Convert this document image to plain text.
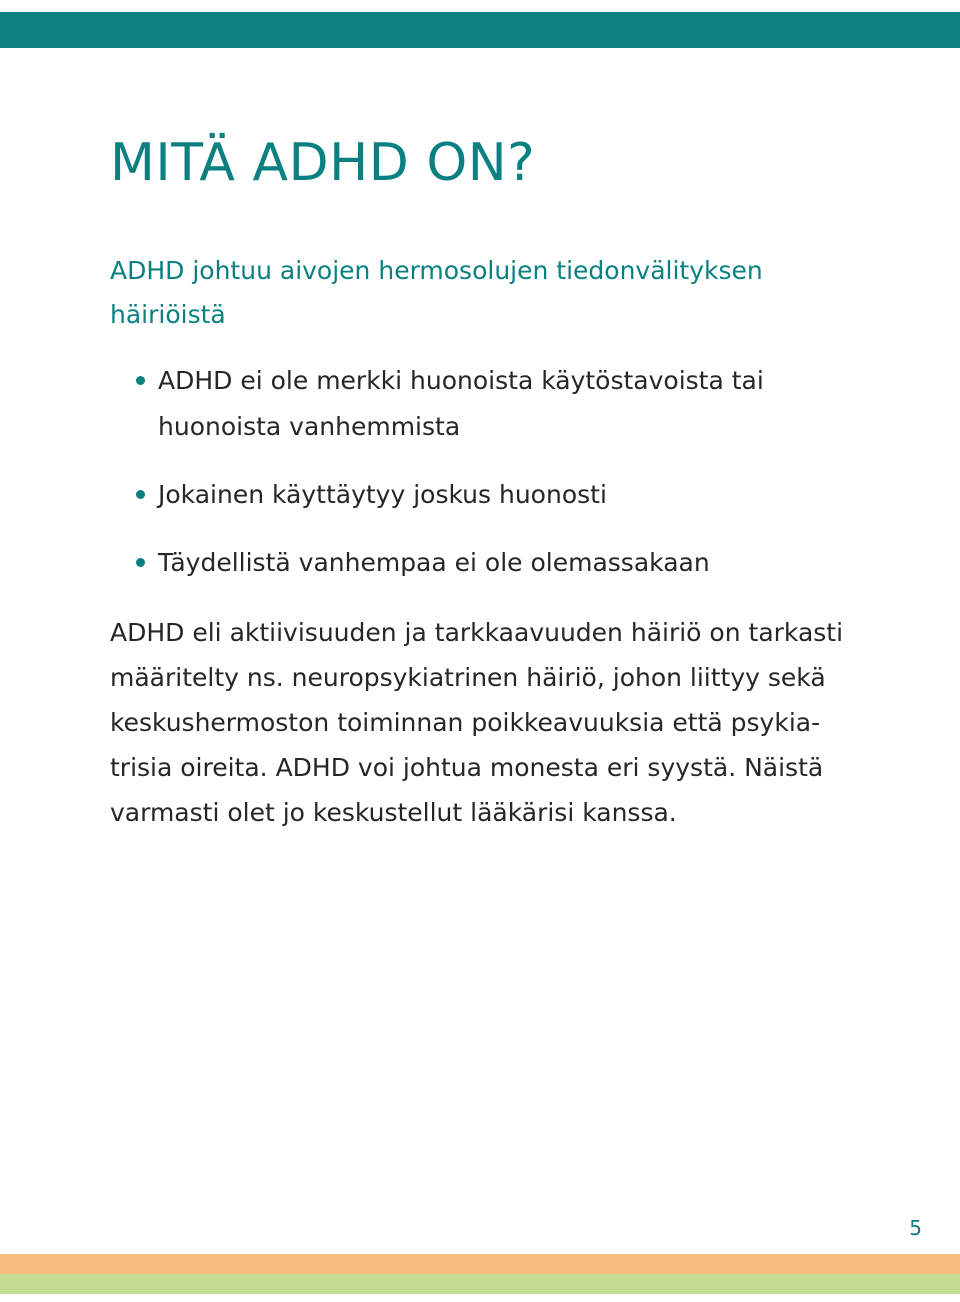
MITÄ ADHD ON?
ADHD johtuu aivojen hermosolujen tiedonvälityksen häiriöistä

ADHD ei ole merkki huonoista käytöstavoista tai huonoista vanhemmista

Jokainen käyttäytyy joskus huonosti

Täydellistä vanhempaa ei ole olemassakaan

ADHD eli aktiivisuuden ja tarkkaavuuden häiriö on tarkasti
määritelty ns. neuropsykiatrinen häiriö, johon liittyy sekä
keskushermoston toiminnan poikkeavuuksia että psykia-
trisia oireita. ADHD voi johtua monesta eri syystä. Näistä
varmasti olet jo keskustellut lääkärisi kanssa.

5
